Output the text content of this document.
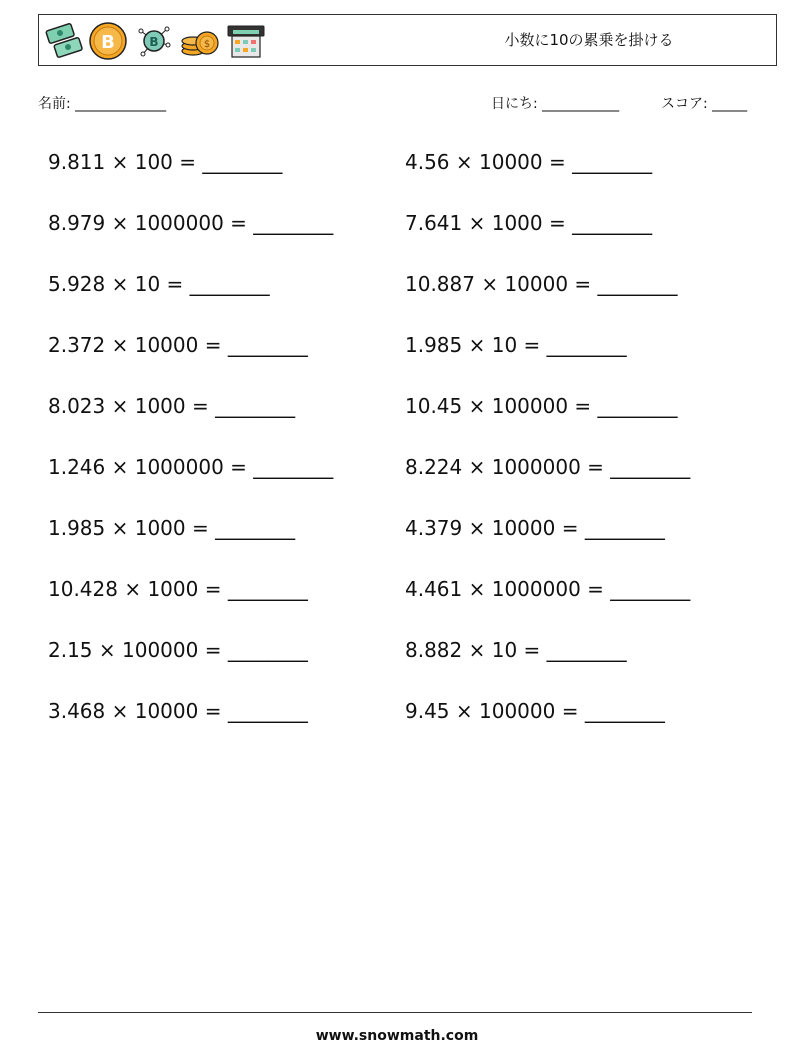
B	B	$	小数に10の累乗を掛ける
名前: _____________	日にち: ___________	スコア: _____
9.811 × 100 = ________	4.56 × 10000 = ________
8.979 × 1000000 = ________	7.641 × 1000 = ________
5.928 × 10 = ________	10.887 × 10000 = ________
2.372 × 10000 = ________	1.985 × 10 = ________
8.023 × 1000 = ________	10.45 × 100000 = ________
1.246 × 1000000 = ________	8.224 × 1000000 = ________
1.985 × 1000 = ________	4.379 × 10000 = ________
10.428 × 1000 = ________	4.461 × 1000000 = ________
2.15 × 100000 = ________	8.882 × 10 = ________
3.468 × 10000 = ________	9.45 × 100000 = ________
www.snowmath.com
